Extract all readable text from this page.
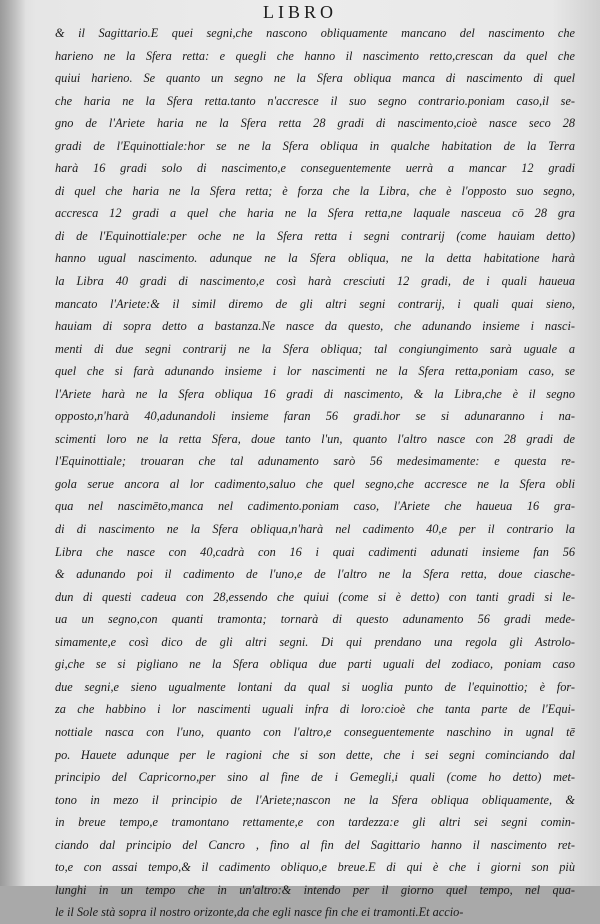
LIBRO
& il Sagittario.E quei segni,che nascono obliquamente mancano del nascimento che
harieno ne la Sfera retta: e quegli che hanno il nascimento retto,crescan da quel che
quiui harieno. Se quanto un segno ne la Sfera obliqua manca di nascimento di quel
che haria ne la Sfera retta.tanto n'accresce il suo segno contrario.poniam caso,il se-
gno de l'Ariete haria ne la Sfera retta 28 gradi di nascimento,cioè nasce seco 28
gradi de l'Equinottiale:hor se ne la Sfera obliqua in qualche habitation de la Terra
harà 16 gradi solo di nascimento,e conseguentemente uerrà a mancar 12 gradi
di quel che haria ne la Sfera retta; è forza che la Libra, che è l'opposto suo segno,
accresca 12 gradi a quel che haria ne la Sfera retta,ne laquale nasceua cō 28 gra
di de l'Equinottiale:per oche ne la Sfera retta i segni contrarij (come hauiam detto)
hanno ugual nascimento. adunque ne la Sfera obliqua, ne la detta habitatione harà
la Libra 40 gradi di nascimento,e così harà cresciuti 12 gradi, de i quali haueua
mancato l'Ariete:& il simil diremo de gli altri segni contrarij, i quali quai sieno,
hauiam di sopra detto a bastanza.Ne nasce da questo, che adunando insieme i nasci-
menti di due segni contrarij ne la Sfera obliqua; tal congiungimento sarà uguale a
quel che si farà adunando insieme i lor nascimenti ne la Sfera retta,poniam caso, se
l'Ariete harà ne la Sfera obliqua 16 gradi di nascimento, & la Libra,che è il segno
opposto,n'harà 40,adunandoli insieme faran 56 gradi.hor se si adunaranno i na-
scimenti loro ne la retta Sfera, doue tanto l'un, quanto l'altro nasce con 28 gradi de
l'Equinottiale; trouaran che tal adunamento sarò 56 medesimamente: e questa re-
gola serue ancora al lor cadimento,saluo che quel segno,che accresce ne la Sfera obli
qua nel nascimēto,manca nel cadimento.poniam caso, l'Ariete che haueua 16 gra-
di di nascimento ne la Sfera obliqua,n'harà nel cadimento 40,e per il contrario la
Libra che nasce con 40,cadrà con 16 i quai cadimenti adunati insieme fan 56
& adunando poi il cadimento de l'uno,e de l'altro ne la Sfera retta, doue ciasche-
dun di questi cadeua con 28,essendo che quiui (come si è detto) con tanti gradi si le-
ua un segno,con quanti tramonta; tornarà di questo adunamento 56 gradi mede-
simamente,e così dico de gli altri segni. Di qui prendano una regola gli Astrolo-
gi,che se si pigliano ne la Sfera obliqua due parti uguali del zodiaco, poniam caso
due segni,e sieno ugualmente lontani da qual si uoglia punto de l'equinottio; è for-
za che habbino i lor nascimenti uguali infra di loro:cioè che tanta parte de l'Equi-
nottiale nasca con l'uno, quanto con l'altro,e conseguentemente naschino in ugnal tē
po. Hauete adunque per le ragioni che si son dette, che i sei segni cominciando dal
principio del Capricorno,per sino al fine de i Gemegli,i quali (come ho detto) met-
tono in mezo il principio de l'Ariete;nascon ne la Sfera obliqua obliquamente, &
in breue tempo,e tramontano rettamente,e con tardezza:e gli altri sei segni comin-
ciando dal principio del Cancro , fino al fin del Sagittario hanno il nascimento ret-
to,e con assai tempo,& il cadimento obliquo,e breue.E di qui è che i giorni son più
lunghi in un tempo che in un'altro:& intendo per il giorno quel tempo, nel qua-
le il Sole stà sopra il nostro orizonte,da che egli nasce fin che ei tramonti.Et accio-
